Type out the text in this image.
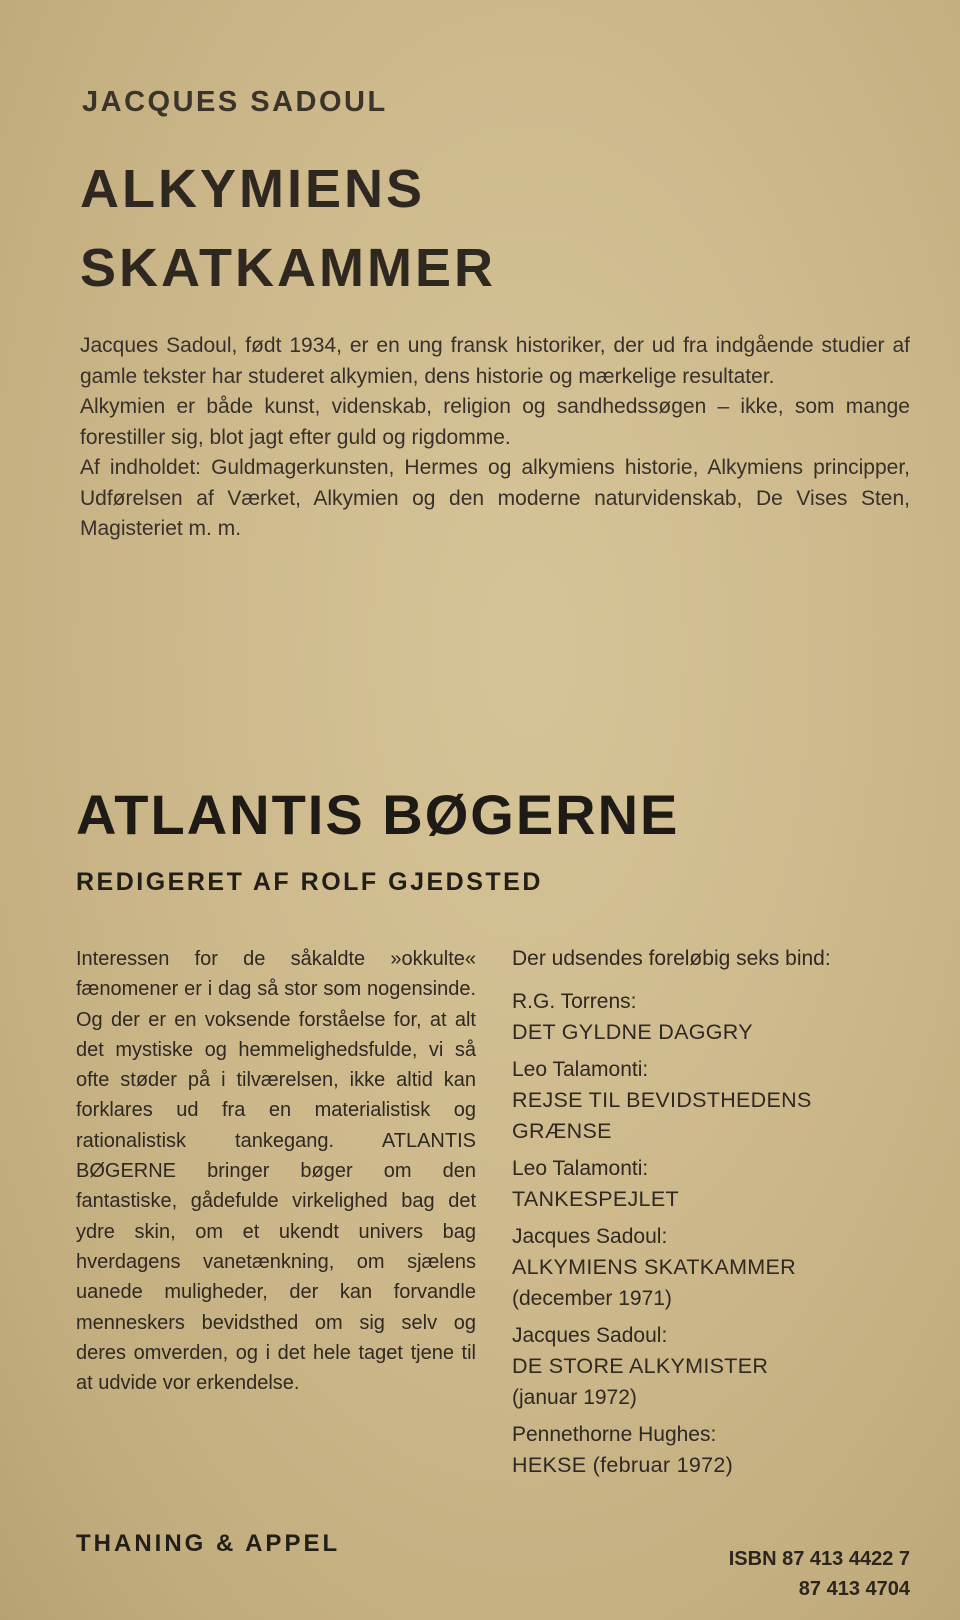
JACQUES SADOUL
ALKYMIENS
SKATKAMMER

Jacques Sadoul, født 1934, er en ung fransk historiker, der ud fra indgående studier af gamle tekster har studeret alkymien, dens historie og mærkelige resultater.

Alkymien er både kunst, videnskab, religion og sandhedssøgen – ikke, som mange forestiller sig, blot jagt efter guld og rigdomme.

Af indholdet: Guldmagerkunsten, Hermes og alkymiens historie, Alkymiens principper, Udførelsen af Værket, Alkymien og den moderne naturvidenskab, De Vises Sten, Magisteriet m. m.

ATLANTIS BØGERNE
REDIGERET AF ROLF GJEDSTED

Interessen for de såkaldte »okkulte« fænomener er i dag så stor som nogensinde. Og der er en voksende forståelse for, at alt det mystiske og hemmelighedsfulde, vi så ofte støder på i tilværelsen, ikke altid kan forklares ud fra en materialistisk og rationalistisk tankegang. ATLANTIS BØGERNE bringer bøger om den fantastiske, gådefulde virkelighed bag det ydre skin, om et ukendt univers bag hverdagens vanetænkning, om sjælens uanede muligheder, der kan forvandle menneskers bevidsthed om sig selv og deres omverden, og i det hele taget tjene til at udvide vor erkendelse.

Der udsendes foreløbig seks bind:
R.G. Torrens:
DET GYLDNE DAGGRY
Leo Talamonti:
REJSE TIL BEVIDSTHEDENS
GRÆNSE
Leo Talamonti:
TANKESPEJLET
Jacques Sadoul:
ALKYMIENS SKATKAMMER
(december 1971)
Jacques Sadoul:
DE STORE ALKYMISTER
(januar 1972)
Pennethorne Hughes:
HEKSE (februar 1972)
THANING & APPEL
ISBN 87 413 4422 7
87 413 4704
